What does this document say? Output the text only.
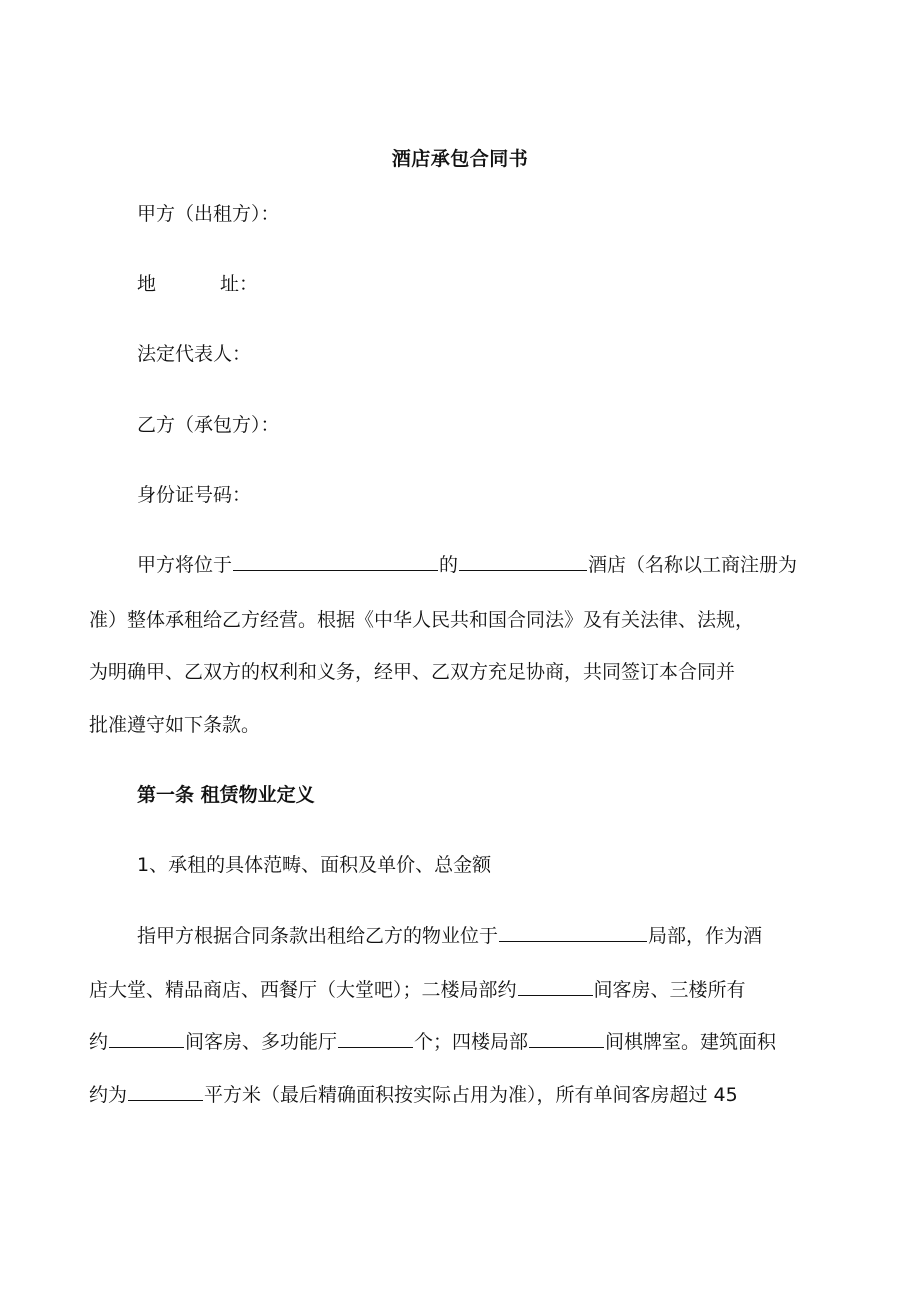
酒店承包合同书
甲方（出租方）：
地	址：
法定代表人：
乙方（承包方）：
身份证号码：
甲方将位于	的	酒店（名称以工商注册为
准）整体承租给乙方经营。根据《中华人民共和国合同法》及有关法律、法规，
为明确甲、乙双方的权利和义务，经甲、乙双方充足协商，共同签订本合同并
批准遵守如下条款。
第一条 租赁物业定义
1、承租的具体范畴、面积及单价、总金额
指甲方根据合同条款出租给乙方的物业位于	局部，作为酒
店大堂、精品商店、西餐厅（大堂吧）；二楼局部约	间客房、三楼所有
约	间客房、多功能厅	个；四楼局部	间棋牌室。建筑面积
约为	平方米（最后精确面积按实际占用为准），所有单间客房超过 45
